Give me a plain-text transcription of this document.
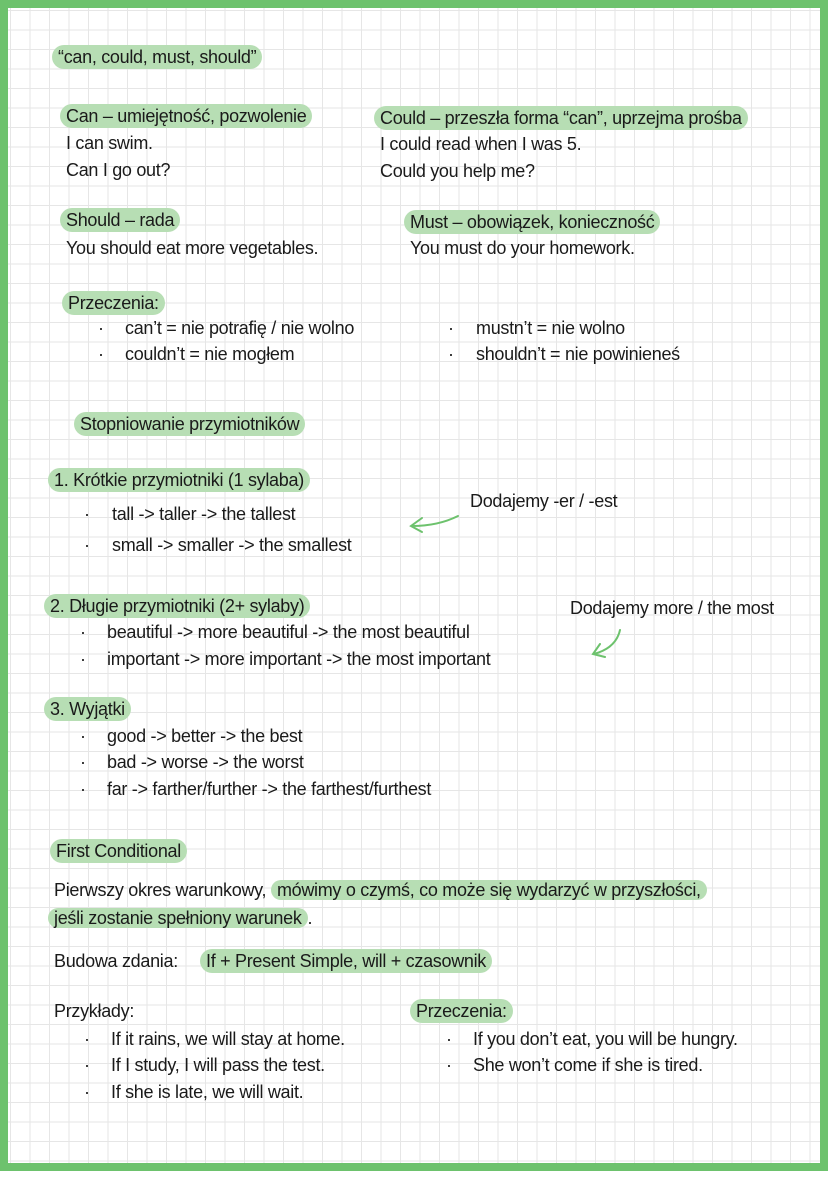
“can, could, must, should”
Can – umiejętność, pozwolenie
I can swim.
Can I go out?
Could – przeszła forma “can”, uprzejma prośba
I could read when I was 5.
Could you help me?
Should – rada
You should eat more vegetables.
Must – obowiązek, konieczność
You must do your homework.
Przeczenia:
· can’t = nie potrafię / nie wolno
· couldn’t = nie mogłem
· mustn’t = nie wolno
· shouldn’t = nie powinieneś
Stopniowanie przymiotników
1. Krótkie przymiotniki (1 sylaba)
· tall -> taller -> the tallest
· small -> smaller -> the smallest
Dodajemy -er / -est
2. Długie przymiotniki (2+ sylaby)
· beautiful -> more beautiful -> the most beautiful
· important -> more important -> the most important
Dodajemy more / the most
3. Wyjątki
· good -> better -> the best
· bad -> worse -> the worst
· far -> farther/further -> the farthest/furthest
First Conditional
Pierwszy okres warunkowy, mówimy o czymś, co może się wydarzyć w przyszłości,
jeśli zostanie spełniony warunek .
Budowa zdania:	If + Present Simple, will + czasownik
Przykłady:
· If it rains, we will stay at home.
· If I study, I will pass the test.
· If she is late, we will wait.
Przeczenia:
· If you don’t eat, you will be hungry.
· She won’t come if she is tired.
